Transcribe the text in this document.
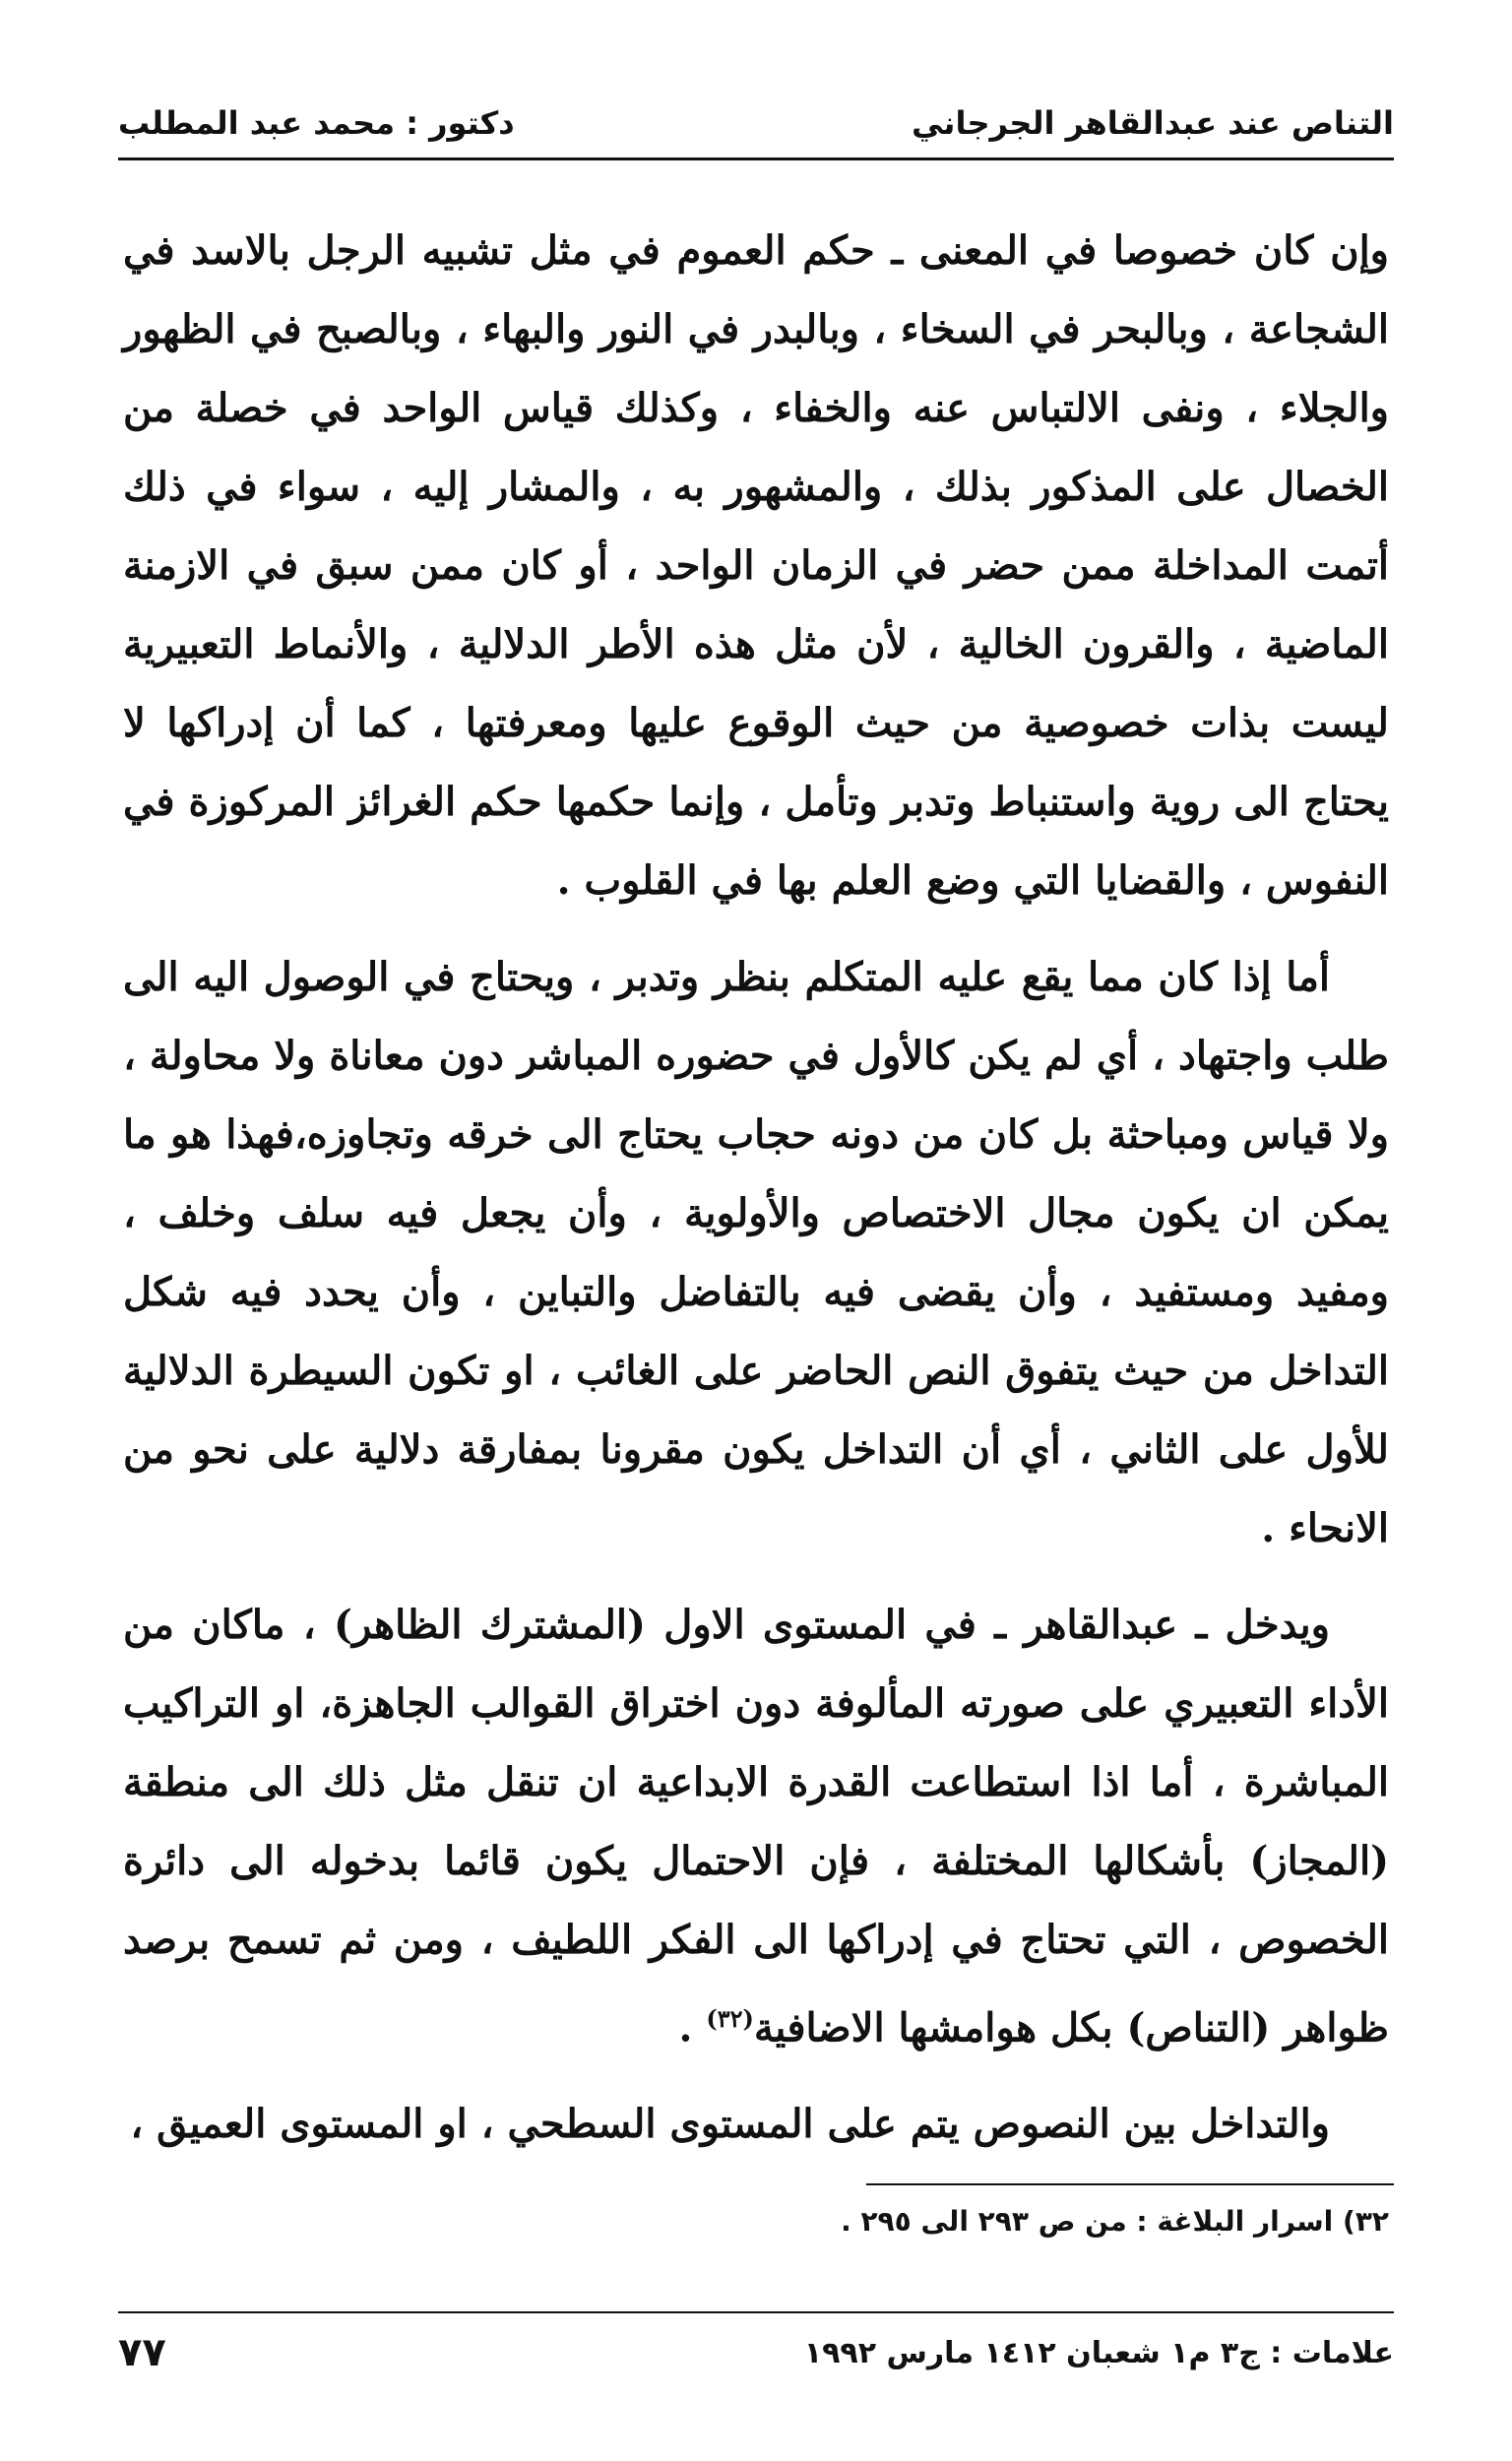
التناص عند عبدالقاهر الجرجاني
دكتور : محمد عبد المطلب

وإن كان خصوصا في المعنى ـ حكم العموم في مثل تشبيه الرجل بالاسد في الشجاعة ، وبالبحر في السخاء ، وبالبدر في النور والبهاء ، وبالصبح في الظهور والجلاء ، ونفى الالتباس عنه والخفاء ، وكذلك قياس الواحد في خصلة من الخصال على المذكور بذلك ، والمشهور به ، والمشار إليه ، سواء في ذلك أتمت المداخلة ممن حضر في الزمان الواحد ، أو كان ممن سبق في الازمنة الماضية ، والقرون الخالية ، لأن مثل هذه الأطر الدلالية ، والأنماط التعبيرية ليست بذات خصوصية من حيث الوقوع عليها ومعرفتها ، كما أن إدراكها لا يحتاج الى روية واستنباط وتدبر وتأمل ، وإنما حكمها حكم الغرائز المركوزة في النفوس ، والقضايا التي وضع العلم بها في القلوب .

أما إذا كان مما يقع عليه المتكلم بنظر وتدبر ، ويحتاج في الوصول اليه الى طلب واجتهاد ، أي لم يكن كالأول في حضوره المباشر دون معاناة ولا محاولة ، ولا قياس ومباحثة بل كان من دونه حجاب يحتاج الى خرقه وتجاوزه،فهذا هو ما يمكن ان يكون مجال الاختصاص والأولوية ، وأن يجعل فيه سلف وخلف ، ومفيد ومستفيد ، وأن يقضى فيه بالتفاضل والتباين ، وأن يحدد فيه شكل التداخل من حيث يتفوق النص الحاضر على الغائب ، او تكون السيطرة الدلالية للأول على الثاني ، أي أن التداخل يكون مقرونا بمفارقة دلالية على نحو من الانحاء .

ويدخل ـ عبدالقاهر ـ في المستوى الاول (المشترك الظاهر) ، ماكان من الأداء التعبيري على صورته المألوفة دون اختراق القوالب الجاهزة، او التراكيب المباشرة ، أما اذا استطاعت القدرة الابداعية ان تنقل مثل ذلك الى منطقة (المجاز) بأشكالها المختلفة ، فإن الاحتمال يكون قائما بدخوله الى دائرة الخصوص ، التي تحتاج في إدراكها الى الفكر اللطيف ، ومن ثم تسمح برصد ظواهر (التناص) بكل هوامشها الاضافية$^{(٣٢)}$ .

والتداخل بين النصوص يتم على المستوى السطحي ، او المستوى العميق ،

٣٢) اسرار البلاغة : من ص ٢٩٣ الى ٢٩٥ .
علامات : ج٣ م١ شعبان ١٤١٢ مارس ١٩٩٢
٧٧
